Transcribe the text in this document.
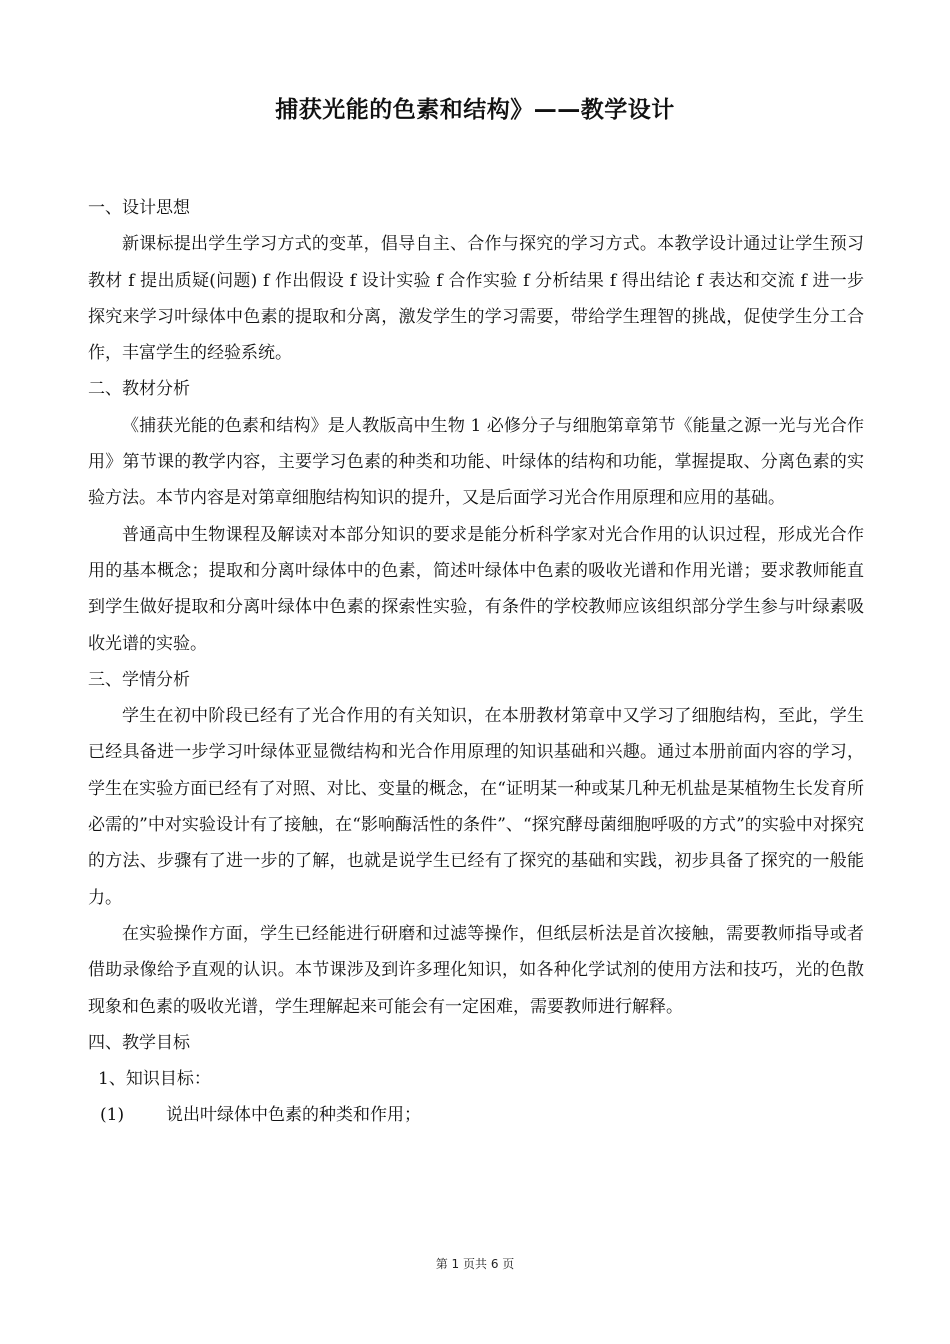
捕获光能的色素和结构》——教学设计

一、设计思想

新课标提出学生学习方式的变革，倡导自主、合作与探究的学习方式。本教学设计通过让学生预习教材 f 提出质疑(问题) f 作出假设 f 设计实验 f 合作实验 f 分析结果 f 得出结论 f 表达和交流 f 进一步探究来学习叶绿体中色素的提取和分离，激发学生的学习需要，带给学生理智的挑战，促使学生分工合作，丰富学生的经验系统。

二、教材分析

《捕获光能的色素和结构》是人教版高中生物 1 必修分子与细胞第章第节《能量之源一光与光合作用》第节课的教学内容，主要学习色素的种类和功能、叶绿体的结构和功能，掌握提取、分离色素的实验方法。本节内容是对第章细胞结构知识的提升，又是后面学习光合作用原理和应用的基础。

普通高中生物课程及解读对本部分知识的要求是能分析科学家对光合作用的认识过程，形成光合作用的基本概念；提取和分离叶绿体中的色素，简述叶绿体中色素的吸收光谱和作用光谱；要求教师能直到学生做好提取和分离叶绿体中色素的探索性实验，有条件的学校教师应该组织部分学生参与叶绿素吸收光谱的实验。

三、学情分析

学生在初中阶段已经有了光合作用的有关知识，在本册教材第章中又学习了细胞结构，至此，学生已经具备进一步学习叶绿体亚显微结构和光合作用原理的知识基础和兴趣。通过本册前面内容的学习，学生在实验方面已经有了对照、对比、变量的概念，在“证明某一种或某几种无机盐是某植物生长发育所必需的”中对实验设计有了接触，在“影响酶活性的条件”、“探究酵母菌细胞呼吸的方式”的实验中对探究的方法、步骤有了进一步的了解，也就是说学生已经有了探究的基础和实践，初步具备了探究的一般能力。

在实验操作方面，学生已经能进行研磨和过滤等操作，但纸层析法是首次接触，需要教师指导或者借助录像给予直观的认识。本节课涉及到许多理化知识，如各种化学试剂的使用方法和技巧，光的色散现象和色素的吸收光谱，学生理解起来可能会有一定困难，需要教师进行解释。

四、教学目标

1、知识目标：

(1) 说出叶绿体中色素的种类和作用；

第 1 页共 6 页
